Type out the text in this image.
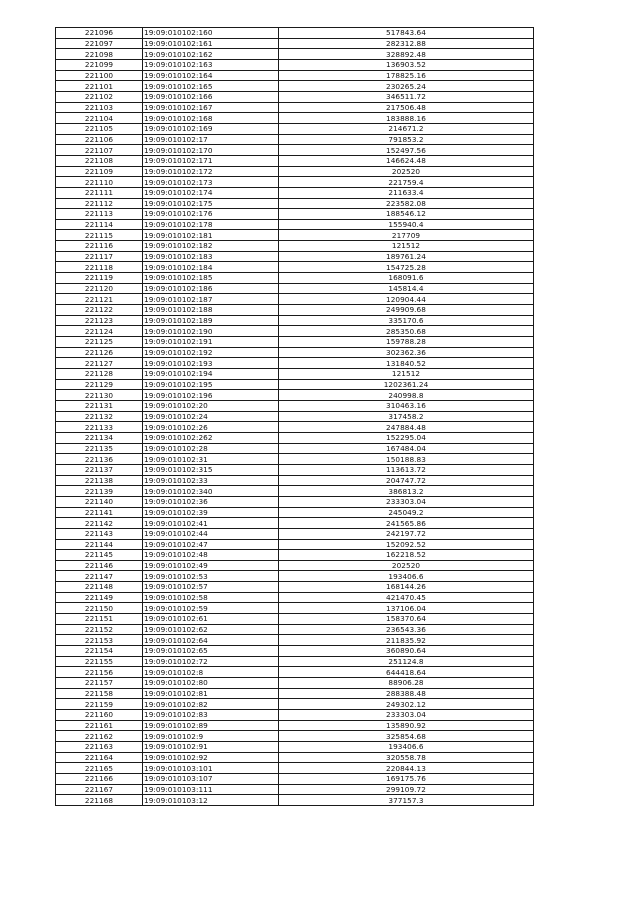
221096	19:09:010102:160	517843.64
221097	19:09:010102:161	282312.88
221098	19:09:010102:162	328892.48
221099	19:09:010102:163	136903.52
221100	19:09:010102:164	178825.16
221101	19:09:010102:165	230265.24
221102	19:09:010102:166	346511.72
221103	19:09:010102:167	217506.48
221104	19:09:010102:168	183888.16
221105	19:09:010102:169	214671.2
221106	19:09:010102:17	791853.2
221107	19:09:010102:170	152497.56
221108	19:09:010102:171	146624.48
221109	19:09:010102:172	202520
221110	19:09:010102:173	221759.4
221111	19:09:010102:174	211633.4
221112	19:09:010102:175	223582.08
221113	19:09:010102:176	188546.12
221114	19:09:010102:178	155940.4
221115	19:09:010102:181	217709
221116	19:09:010102:182	121512
221117	19:09:010102:183	189761.24
221118	19:09:010102:184	154725.28
221119	19:09:010102:185	168091.6
221120	19:09:010102:186	145814.4
221121	19:09:010102:187	120904.44
221122	19:09:010102:188	249909.68
221123	19:09:010102:189	335170.6
221124	19:09:010102:190	285350.68
221125	19:09:010102:191	159788.28
221126	19:09:010102:192	302362.36
221127	19:09:010102:193	131840.52
221128	19:09:010102:194	121512
221129	19:09:010102:195	1202361.24
221130	19:09:010102:196	240998.8
221131	19:09:010102:20	310463.16
221132	19:09:010102:24	317458.2
221133	19:09:010102:26	247884.48
221134	19:09:010102:262	152295.04
221135	19:09:010102:28	167484.04
221136	19:09:010102:31	150188.83
221137	19:09:010102:315	113613.72
221138	19:09:010102:33	204747.72
221139	19:09:010102:340	386813.2
221140	19:09:010102:36	233303.04
221141	19:09:010102:39	245049.2
221142	19:09:010102:41	241565.86
221143	19:09:010102:44	242197.72
221144	19:09:010102:47	152092.52
221145	19:09:010102:48	162218.52
221146	19:09:010102:49	202520
221147	19:09:010102:53	193406.6
221148	19:09:010102:57	168144.26
221149	19:09:010102:58	421470.45
221150	19:09:010102:59	137106.04
221151	19:09:010102:61	158370.64
221152	19:09:010102:62	236543.36
221153	19:09:010102:64	211835.92
221154	19:09:010102:65	360890.64
221155	19:09:010102:72	251124.8
221156	19:09:010102:8	644418.64
221157	19:09:010102:80	88906.28
221158	19:09:010102:81	288388.48
221159	19:09:010102:82	249302.12
221160	19:09:010102:83	233303.04
221161	19:09:010102:89	135890.92
221162	19:09:010102:9	325854.68
221163	19:09:010102:91	193406.6
221164	19:09:010102:92	320558.78
221165	19:09:010103:101	220844.13
221166	19:09:010103:107	169175.76
221167	19:09:010103:111	299109.72
221168	19:09:010103:12	377157.3
